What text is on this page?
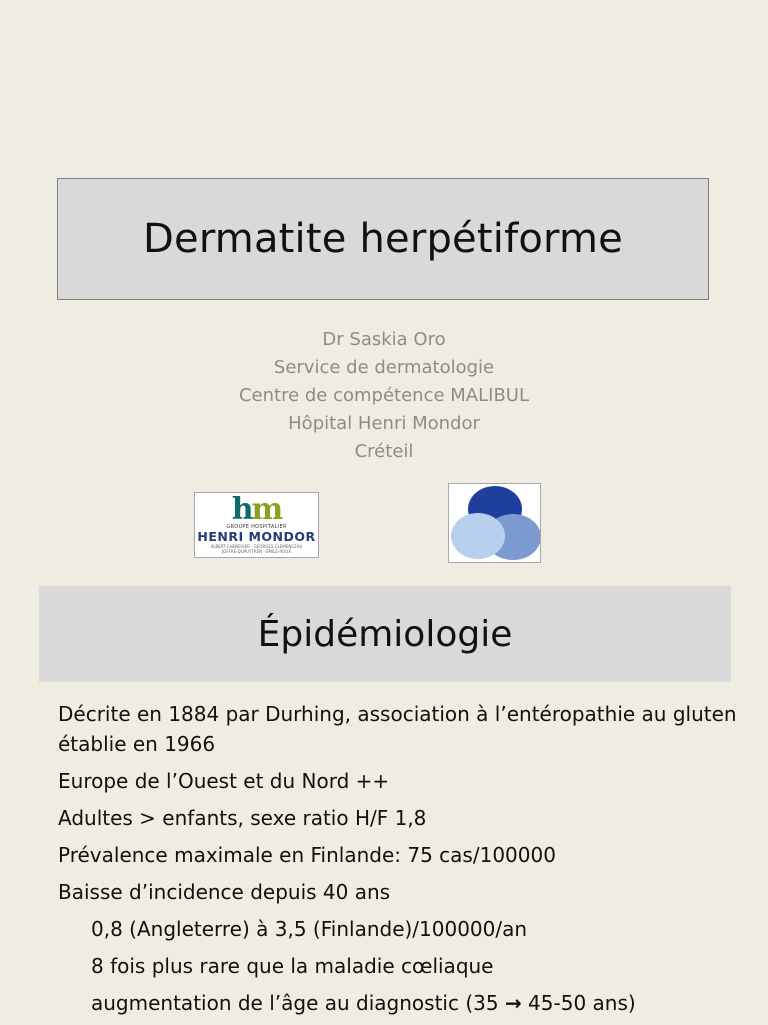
Dermatite herpétiforme
Dr Saskia Oro
Service de dermatologie
Centre de compétence MALIBUL
Hôpital Henri Mondor
Créteil
hm
GROUPE HOSPITALIER
HENRI MONDOR
ALBERT-CHENEVIER · GEORGES-CLEMENCEAU
JOFFRE-DUPUYTREN · ÉMILE-ROUX
Épidémiologie

Décrite en 1884 par Durhing, association à l’entéropathie au gluten établie en 1966

Europe de l’Ouest et du Nord ++

Adultes > enfants, sexe ratio H/F 1,8

Prévalence maximale en Finlande: 75 cas/100000

Baisse d’incidence depuis 40 ans

0,8 (Angleterre) à 3,5 (Finlande)/100000/an

8 fois plus rare que la maladie cœliaque

augmentation de l’âge au diagnostic (35 → 45-50 ans)
